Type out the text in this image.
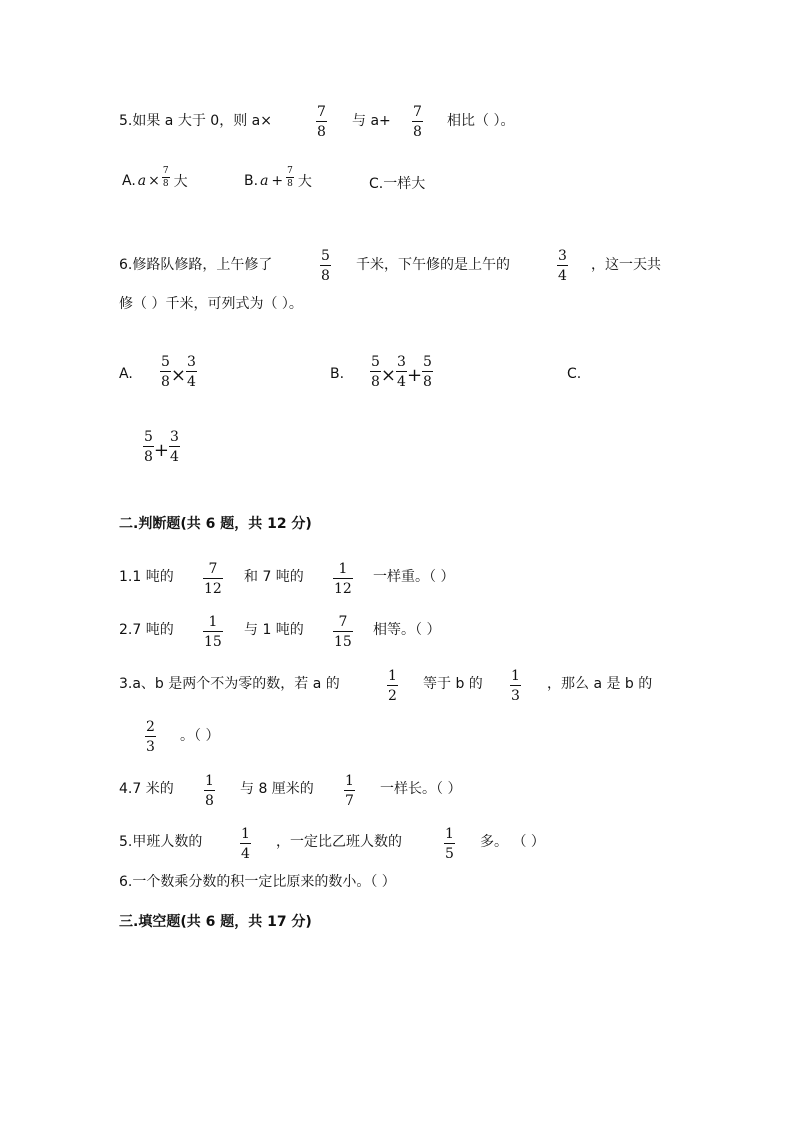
5.如果 a 大于 0，则 a×
7
8
与 a+
7
8
相比（ ）。
A. $a \times \frac{7}{8}$ 大	B. $a + \frac{7}{8}$ 大	C.一样大
6.修路队修路，上午修了
5
8
千米，下午修的是上午的
3
4
，这一天共
修（ ）千米，可列式为（ ）。
A. $\frac{5}{8} \times \frac{3}{4}$	B. $\frac{5}{8} \times \frac{3}{4} + \frac{5}{8}$	C.
$\frac{5}{8} + \frac{3}{4}$
二.判断题(共 6 题，共 12 分)
1.1 吨的 7
12
和 7 吨的 1
12
一样重。（ ）
2.7 吨的 1
15
与 1 吨的 7
15
相等。（ ）
3.a、b 是两个不为零的数，若 a 的	1
2
等于 b 的 1
3
，那么 a 是 b 的
2
3
。（ ）
4.7 米的 1
8
与 8 厘米的 1
7
一样长。（ ）
5.甲班人数的	1
4
，一定比乙班人数的	1
5
多。 （ ）
6.一个数乘分数的积一定比原来的数小。（ ）
三.填空题(共 6 题，共 17 分)
